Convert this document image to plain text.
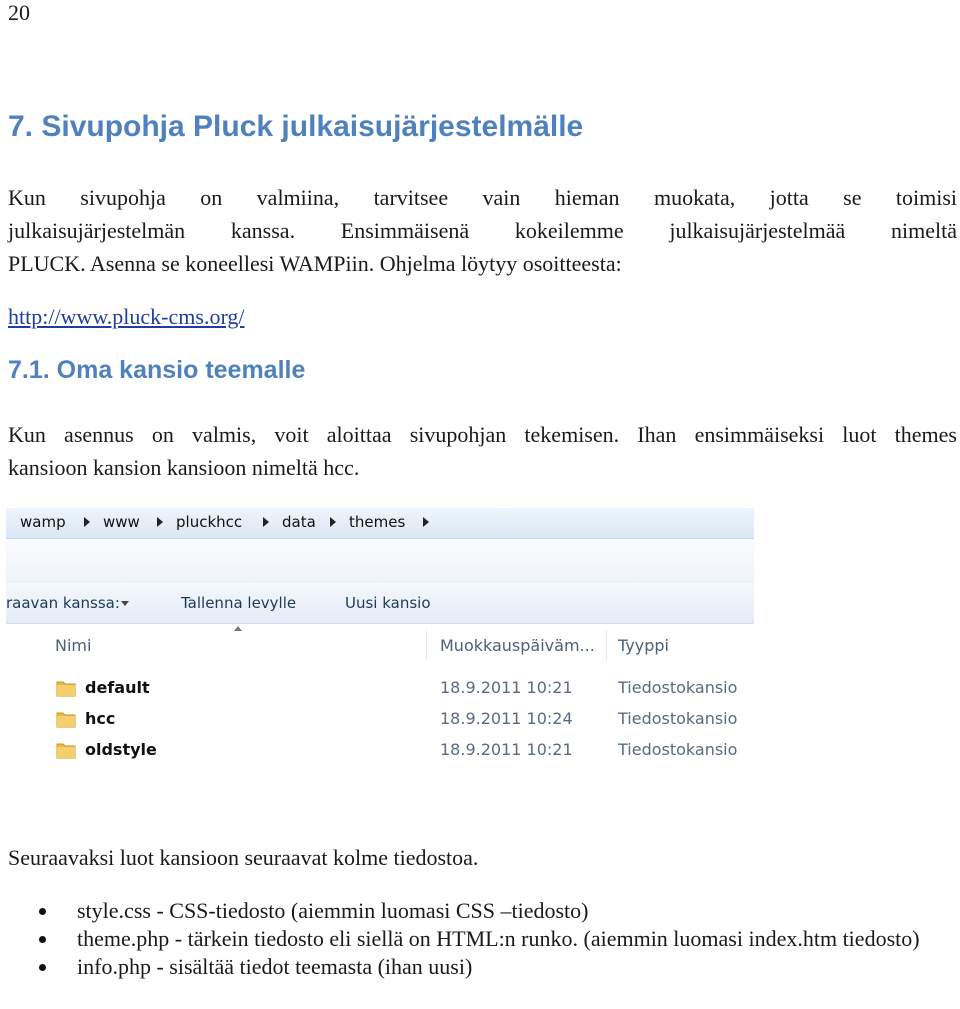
20
7. Sivupohja Pluck julkaisujärjestelmälle
Kun sivupohja on valmiina, tarvitsee vain hieman muokata, jotta se toimisi
julkaisujärjestelmän kanssa. Ensimmäisenä kokeilemme julkaisujärjestelmää nimeltä
PLUCK. Asenna se koneellesi WAMPiin. Ohjelma löytyy osoitteesta:
http://www.pluck-cms.org/
7.1. Oma kansio teemalle
Kun asennus on valmis, voit aloittaa sivupohjan tekemisen. Ihan ensimmäiseksi luot themes
kansioon kansion kansioon nimeltä hcc.
wamp www pluckhcc	data themes
raavan kanssa:	Tallenna levylle	Uusi kansio
Nimi	Muokkauspäiväm... Tyyppi
default	18.9.2011 10:21	Tiedostokansio
hcc	18.9.2011 10:24	Tiedostokansio
oldstyle	18.9.2011 10:21	Tiedostokansio
Seuraavaksi luot kansioon seuraavat kolme tiedostoa.
style.css - CSS-tiedosto (aiemmin luomasi CSS –tiedosto)
theme.php - tärkein tiedosto eli siellä on HTML:n runko. (aiemmin luomasi index.htm tiedosto)
info.php - sisältää tiedot teemasta (ihan uusi)
